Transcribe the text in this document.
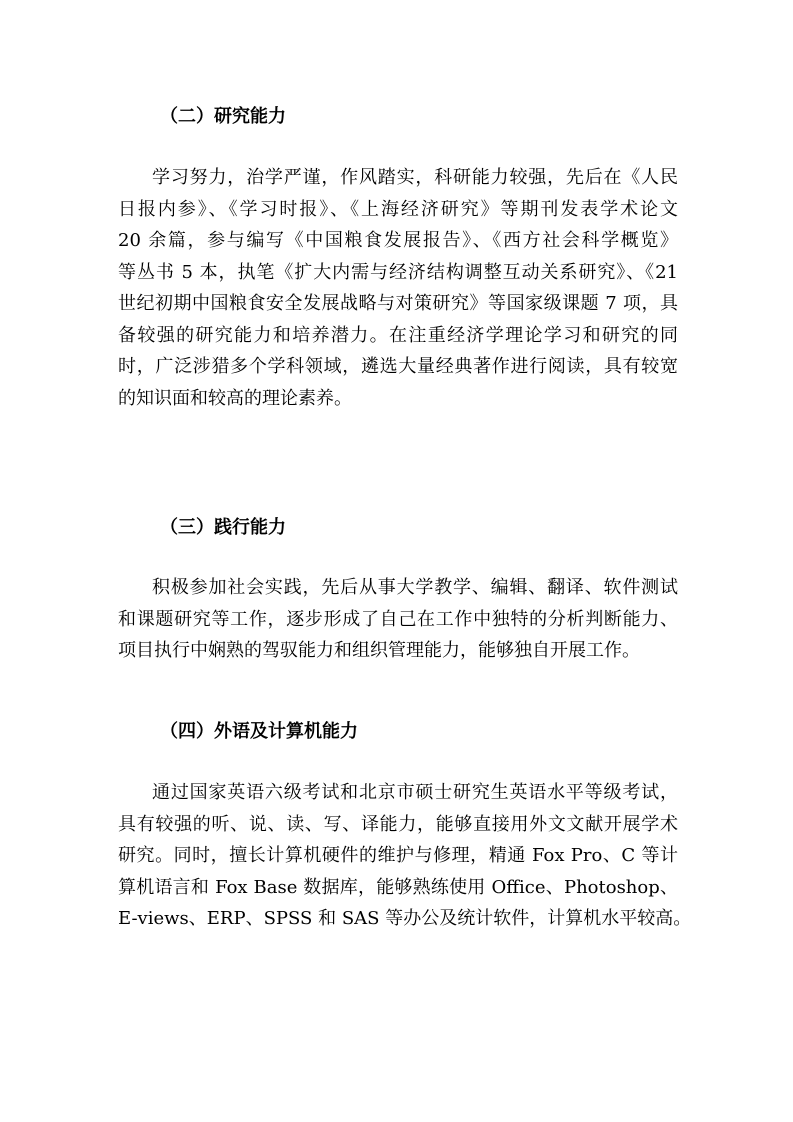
（二）研究能力
学习努力，治学严谨，作风踏实，科研能力较强，先后在《人民
日报内参》、《学习时报》、《上海经济研究》等期刊发表学术论文
20 余篇，参与编写《中国粮食发展报告》、《西方社会科学概览》
等丛书 5 本，执笔《扩大内需与经济结构调整互动关系研究》、《21
世纪初期中国粮食安全发展战略与对策研究》等国家级课题 7 项，具
备较强的研究能力和培养潜力。在注重经济学理论学习和研究的同
时，广泛涉猎多个学科领域，遴选大量经典著作进行阅读，具有较宽
的知识面和较高的理论素养。
（三）践行能力
积极参加社会实践，先后从事大学教学、编辑、翻译、软件测试
和课题研究等工作，逐步形成了自己在工作中独特的分析判断能力、
项目执行中娴熟的驾驭能力和组织管理能力，能够独自开展工作。
（四）外语及计算机能力
通过国家英语六级考试和北京市硕士研究生英语水平等级考试，
具有较强的听、说、读、写、译能力，能够直接用外文文献开展学术
研究。同时，擅长计算机硬件的维护与修理，精通 Fox Pro、C 等计
算机语言和 Fox Base 数据库，能够熟练使用 Office、Photoshop、
E-views、ERP、SPSS 和 SAS 等办公及统计软件，计算机水平较高。
